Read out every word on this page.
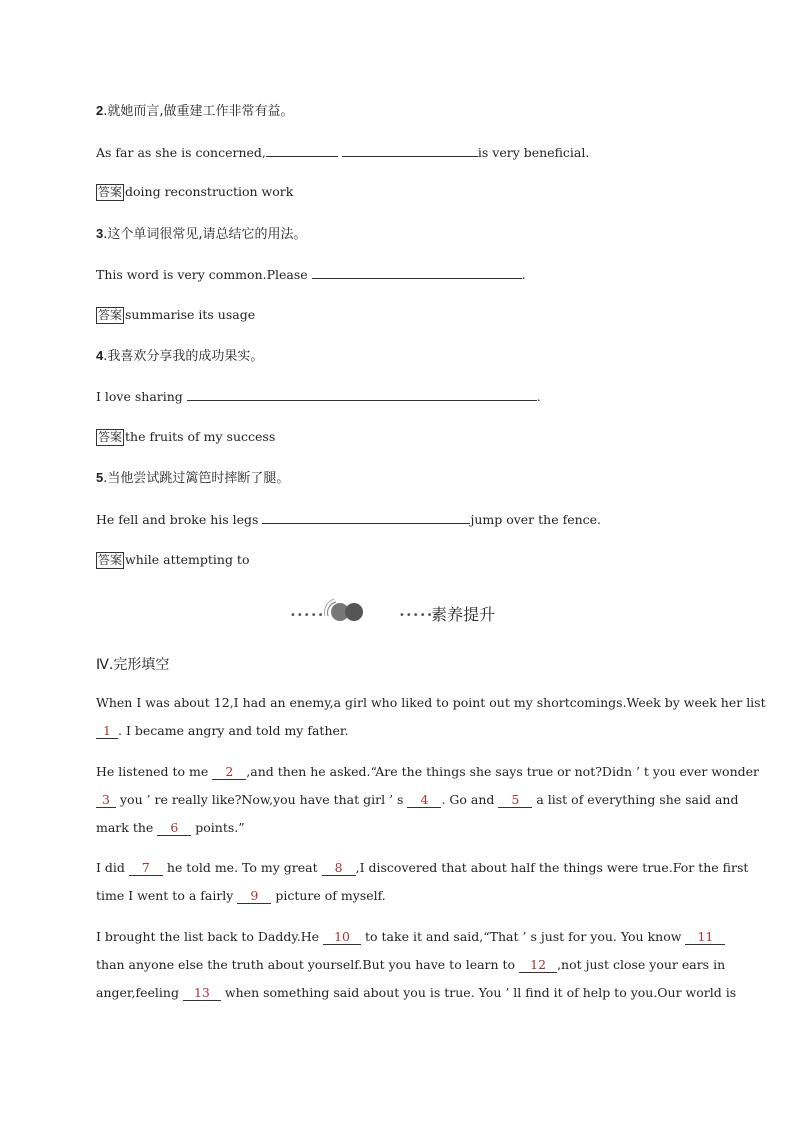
2.就她而言,做重建工作非常有益。
As far as she is concerned,	is very beneficial.
答案 doing reconstruction work
3.这个单词很常见,请总结它的用法。
This word is very common.Please	.
答案 summarise its usage
4.我喜欢分享我的成功果实。
I love sharing	.
答案 the fruits of my success
5.当他尝试跳过篱笆时摔断了腿。
He fell and broke his legs	jump over the fence.
答案 while attempting to
•••••	•••••
素养提升
Ⅳ.完形填空
When I was about 12,I had an enemy,a girl who liked to point out my shortcomings.Week by week her list
1 . I became angry and told my father.
He listened to me 2 ,and then he asked.“Are the things she says true or not?Didn ’ t you ever wonder
3 you ’ re really like?Now,you have that girl ’ s 4 . Go and 5 a list of everything she said and
mark the 6 points.”
I did 7 he told me. To my great 8 ,I discovered that about half the things were true.For the first
time I went to a fairly 9 picture of myself.
I brought the list back to Daddy.He 10 to take it and said,“That ’ s just for you. You know 11
than anyone else the truth about yourself.But you have to learn to 12 ,not just close your ears in
anger,feeling 13 when something said about you is true. You ’ ll find it of help to you.Our world is
